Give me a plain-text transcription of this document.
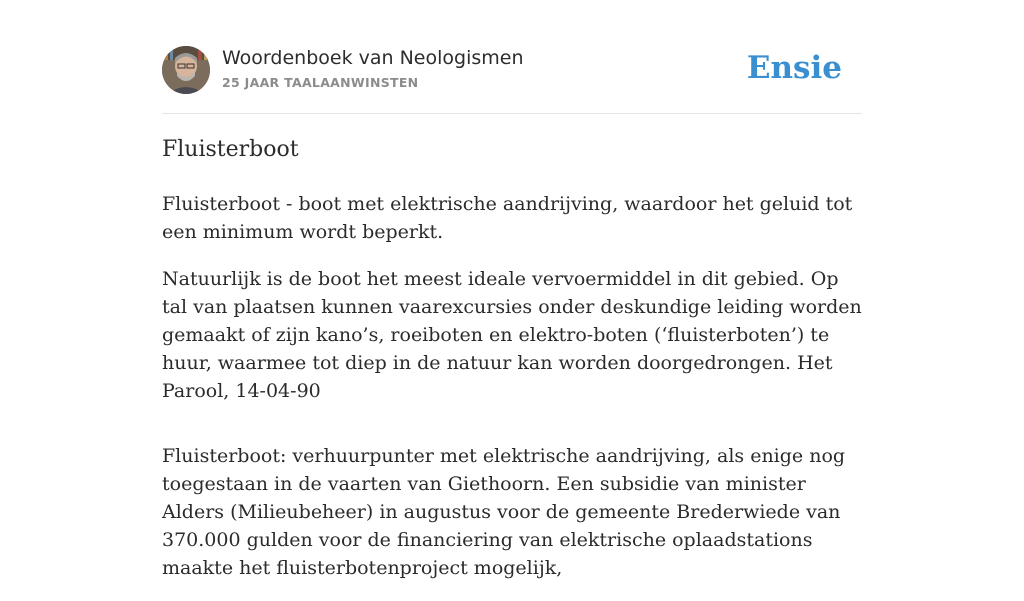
Woordenboek van Neologismen
25 JAAR TAALAANWINSTEN	Ensie
Fluisterboot

Fluisterboot - boot met elektrische aandrijving, waardoor het geluid tot een minimum wordt beperkt.

Natuurlijk is de boot het meest ideale vervoermiddel in dit gebied. Op tal van plaatsen kunnen vaarexcursies onder deskundige leiding worden gemaakt of zijn kano’s, roeiboten en elektro-boten (‘fluisterboten’) te huur, waarmee tot diep in de natuur kan worden doorgedrongen. Het Parool, 14-04-90

Fluisterboot: verhuurpunter met elektrische aandrijving, als enige nog toegestaan in de vaarten van Giethoorn. Een subsidie van minister Alders (Milieubeheer) in augustus voor de gemeente Brederwiede van 370.000 gulden voor de financiering van elektrische oplaadstations maakte het fluisterbotenproject mogelijk,
